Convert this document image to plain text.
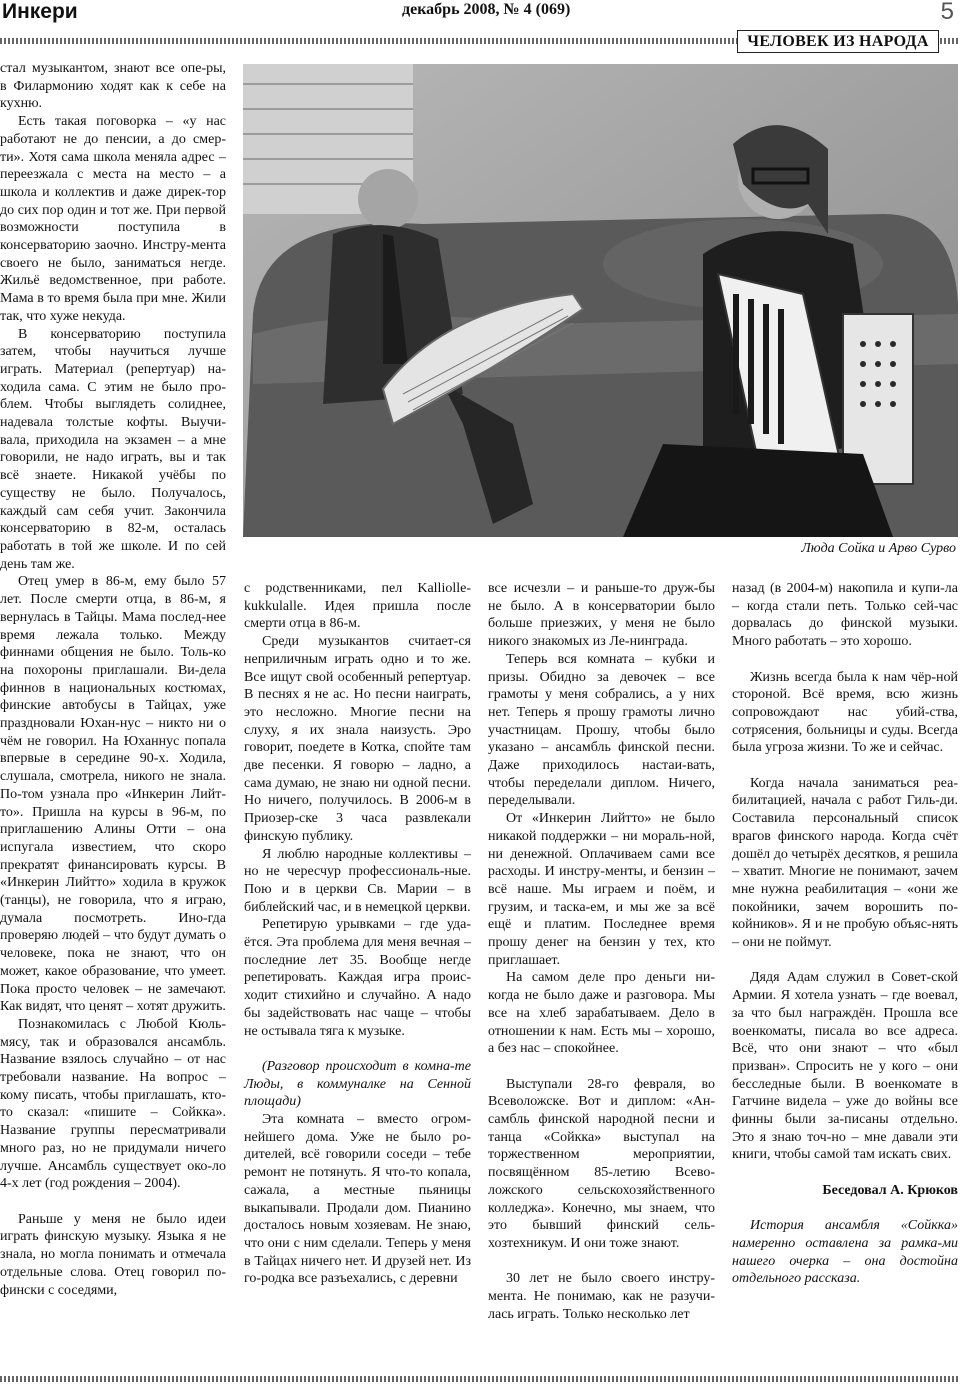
Инкери	декабрь 2008, № 4 (069)	5
ЧЕЛОВЕК ИЗ НАРОДА
Люда Сойка и Арво Сурво

стал музыкантом, знают все опе-ры, в Филармонию ходят как к себе на кухню.

Есть такая поговорка – «у нас работают не до пенсии, а до смер-ти». Хотя сама школа меняла адрес – переезжала с места на место – а школа и коллектив и даже дирек-тор до сих пор один и тот же. При первой возможности поступила в консерваторию заочно. Инстру-мента своего не было, заниматься негде. Жильё ведомственное, при работе. Мама в то время была при мне. Жили так, что хуже некуда.

В консерваторию поступила затем, чтобы научиться лучше играть. Материал (репертуар) на-ходила сама. С этим не было про-блем. Чтобы выглядеть солиднее, надевала толстые кофты. Выучи-вала, приходила на экзамен – а мне говорили, не надо играть, вы и так всё знаете. Никакой учёбы по существу не было. Получалось, каждый сам себя учит. Закончила консерваторию в 82-м, осталась работать в той же школе. И по сей день там же.

Отец умер в 86-м, ему было 57 лет. После смерти отца, в 86-м, я вернулась в Тайцы. Мама послед-нее время лежала только. Между финнами общения не было. Толь-ко на похороны приглашали. Ви-дела финнов в национальных костюмах, финские автобусы в Тайцах, уже праздновали Юхан-нус – никто ни о чём не говорил. На Юханнус попала впервые в середине 90-х. Ходила, слушала, смотрела, никого не знала. По-том узнала про «Инкерин Лийт-то». Пришла на курсы в 96-м, по приглашению Алины Отти – она испугала известием, что скоро прекратят финансировать курсы. В «Инкерин Лийтто» ходила в кружок (танцы), не говорила, что я играю, думала посмотреть. Ино-гда проверяю людей – что будут думать о человеке, пока не знают, что он может, какое образование, что умеет. Пока просто человек – не замечают. Как видят, что ценят – хотят дружить.

Познакомилась с Любой Кюль-мясу, так и образовался ансамбль. Название взялось случайно – от нас требовали название. На вопрос – кому писать, чтобы приглашать, кто-то сказал: «пишите – Сойкка». Название группы пересматривали много раз, но не придумали ничего лучше. Ансамбль существует око-ло 4-х лет (год рождения – 2004).

Раньше у меня не было идеи играть финскую музыку. Языка я не знала, но могла понимать и отмечала отдельные слова. Отец говорил по-фински с соседями,

с родственниками, пел Kalliolle-kukkulalle. Идея пришла после смерти отца в 86-м.

Среди музыкантов считает-ся неприличным играть одно и то же. Все ищут свой особенный репертуар. В песнях я не ас. Но песни наиграть, это несложно. Многие песни на слуху, я их знала наизусть. Эро говорит, поедете в Котка, спойте там две песенки. Я говорю – ладно, а сама думаю, не знаю ни одной песни. Но ничего, получилось. В 2006-м в Приозер-ске 3 часа развлекали финскую публику.

Я люблю народные коллективы – но не чересчур профессиональ-ные. Пою и в церкви Св. Марии – в библейский час, и в немецкой церкви.

Репетирую урывками – где уда-ётся. Эта проблема для меня вечная – последние лет 35. Вообще негде репетировать. Каждая игра проис-ходит стихийно и случайно. А надо бы задействовать нас чаще – чтобы не остывала тяга к музыке.

(Разговор происходит в комна-те Люды, в коммуналке на Сенной площади)

Эта комната – вместо огром-нейшего дома. Уже не было ро-дителей, всё говорили соседи – тебе ремонт не потянуть. Я что-то копала, сажала, а местные пьяницы выкапывали. Продали дом. Пианино досталось новым хозяевам. Не знаю, что они с ним сделали. Теперь у меня в Тайцах ничего нет. И друзей нет. Из го-родка все разъехались, с деревни

все исчезли – и раньше-то друж-бы не было. А в консерватории было больше приезжих, у меня не было никого знакомых из Ле-нинграда.

Теперь вся комната – кубки и призы. Обидно за девочек – все грамоты у меня собрались, а у них нет. Теперь я прошу грамоты лично участницам. Прошу, чтобы было указано – ансамбль финской песни. Даже приходилось настаи-вать, чтобы переделали диплом. Ничего, переделывали.

От «Инкерин Лийтто» не было никакой поддержки – ни мораль-ной, ни денежной. Оплачиваем сами все расходы. И инстру-менты, и бензин – всё наше. Мы играем и поём, и грузим, и таска-ем, и мы же за всё ещё и платим. Последнее время прошу денег на бензин у тех, кто приглашает.

На самом деле про деньги ни-когда не было даже и разговора. Мы все на хлеб зарабатываем. Дело в отношении к нам. Есть мы – хорошо, а без нас – спокойнее.

Выступали 28-го февраля, во Всеволожске. Вот и диплом: «Ан-самбль финской народной песни и танца «Сойкка» выступал на торжественном мероприятии, посвящённом 85-летию Всево-ложского сельскохозяйственного колледжа». Конечно, мы знаем, что это бывший финский сель-хозтехникум. И они тоже знают.

30 лет не было своего инстру-мента. Не понимаю, как не разучи-лась играть. Только несколько лет

назад (в 2004-м) накопила и купи-ла – когда стали петь. Только сей-час дорвалась до финской музыки. Много работать – это хорошо.

Жизнь всегда была к нам чёр-ной стороной. Всё время, всю жизнь сопровождают нас убий-ства, сотрясения, больницы и суды. Всегда была угроза жизни. То же и сейчас.

Когда начала заниматься реа-билитацией, начала с работ Гиль-ди. Составила персональный список врагов финского народа. Когда счёт дошёл до четырёх десятков, я решила – хватит. Многие не понимают, зачем мне нужна реабилитация – «они же покойники, зачем ворошить по-койников». Я и не пробую объяс-нять – они не поймут.

Дядя Адам служил в Совет-ской Армии. Я хотела узнать – где воевал, за что был награждён. Прошла все военкоматы, писала во все адреса. Всё, что они знают – что «был призван». Спросить не у кого – они бесследные были. В военкомате в Гатчине видела – уже до войны все финны были за-писаны отдельно. Это я знаю точ-но – мне давали эти книги, чтобы самой там искать свих.

Беседовал А. Крюков

История ансамбля «Сойкка» намеренно оставлена за рамка-ми нашего очерка – она достойна отдельного рассказа.
